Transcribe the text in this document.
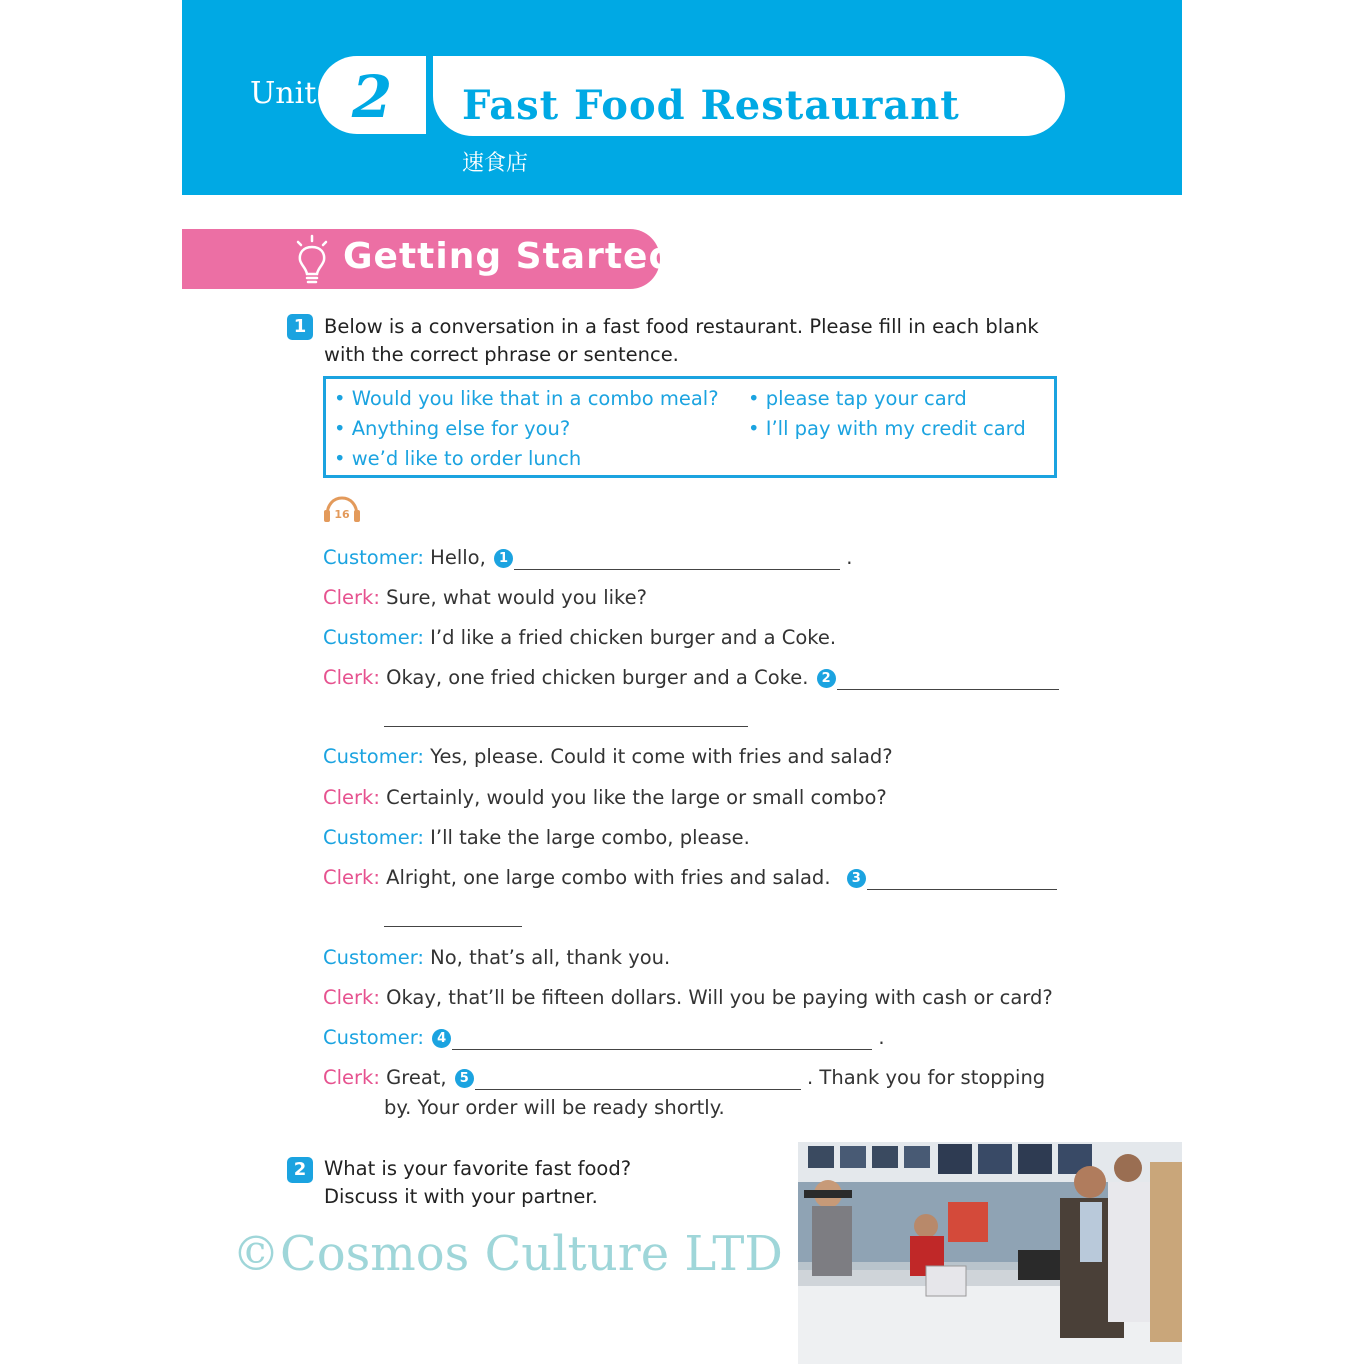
Unit 2	Fast Food Restaurant
速食店
Getting Started
1 Below is a conversation in a fast food restaurant. Please fill in each blank
with the correct phrase or sentence.
• Would you like that in a combo meal?
• Anything else for you?
• we’d like to order lunch
• please tap your card
• I’ll pay with my credit card
16
Customer: Hello, 1	.
Clerk: Sure, what would you like?
Customer: I’d like a fried chicken burger and a Coke.
Clerk: Okay, one fried chicken burger and a Coke. 2
Customer: Yes, please. Could it come with fries and salad?
Clerk: Certainly, would you like the large or small combo?
Customer: I’ll take the large combo, please.
Clerk: Alright, one large combo with fries and salad. 3
Customer: No, that’s all, thank you.
Clerk: Okay, that’ll be fifteen dollars. Will you be paying with cash or card?
Customer: 4	.
Clerk: Great, 5	. Thank you for stopping
by. Your order will be ready shortly.
2 What is your favorite fast food?
Discuss it with your partner.
©Cosmos Culture LTD
